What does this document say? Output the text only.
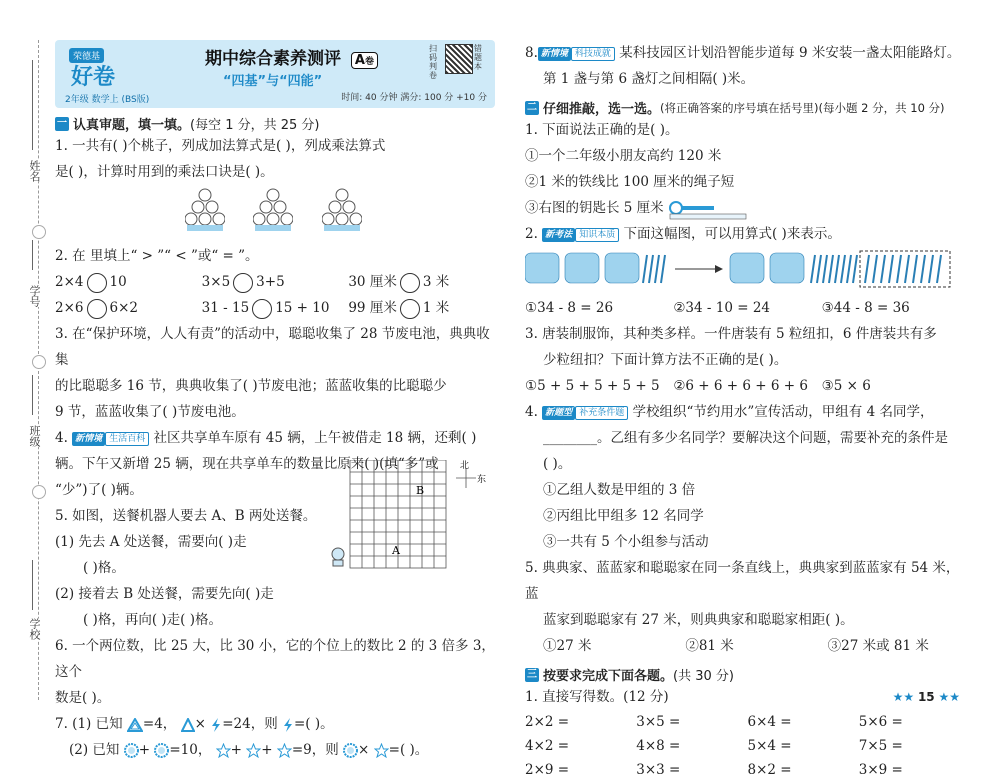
姓名
学号
班级
学校
荣德基
好卷
2年级 数学上 (BS版)
期中综合素养测评 A卷
“四基”与“四能”
扫码判卷
错题本
时间: 40 分钟 满分: 100 分 +10 分
一 认真审题，填一填。 (每空 1 分，共 25 分)

1. 一共有( )个桃子，列成加法算式是( )，列成乘法算式

是( )，计算时用到的乘法口诀是( )。

2. 在 里填上“ > ”“ < ”或“ = ”。

2×4 10	3×5 3+5	30 厘米 3 米
2×6 6×2	31 - 15 15 + 10	99 厘米 1 米

3. 在“保护环境，人人有责”的活动中，聪聪收集了 28 节废电池，典典收集

的比聪聪多 16 节，典典收集了( )节废电池；蓝蓝收集的比聪聪少

9 节，蓝蓝收集了( )节废电池。

4. 新情境 生活百科 社区共享单车原有 45 辆，上午被借走 18 辆，还剩( )

辆。下午又新增 25 辆，现在共享单车的数量比原来( )(填“多”或

“少”)了( )辆。

5. 如图，送餐机器人要去 A、B 两处送餐。

(1) 先去 A 处送餐，需要向( )走

( )格。

(2) 接着去 B 处送餐，需要先向( )走

( )格，再向( )走( )格。

6. 一个两位数，比 25 大，比 30 小，它的个位上的数比 2 的 3 倍多 3，这个

数是( )。

7. (1) 已知 =4， × =24，则 =( )。

(2) 已知 + =10， + + =9，则 × =( )。

B
A
北
东

8. 新情境 科技成就 某科技园区计划沿智能步道每 9 米安装一盏太阳能路灯。

第 1 盏与第 6 盏灯之间相隔( )米。

二 仔细推敲，选一选。 (将正确答案的序号填在括号里)(每小题 2 分，共 10 分)

1. 下面说法正确的是( )。

①一个二年级小朋友高约 120 米

②1 米的铁线比 100 厘米的绳子短

③右图的钥匙长 5 厘米

2. 新考法 知识本质 下面这幅图，可以用算式( )来表示。

①34 - 8 = 26	②34 - 10 = 24	③44 - 8 = 36

3. 唐装制服饰，其种类多样。一件唐装有 5 粒纽扣，6 件唐装共有多

少粒纽扣？下面计算方法不正确的是( )。

①5 + 5 + 5 + 5 + 5	②6 + 6 + 6 + 6 + 6	③5 × 6

4. 新题型 补充条件题 学校组织“节约用水”宣传活动，甲组有 4 名同学，

________。乙组有多少名同学？要解决这个问题，需要补充的条件是

( )。

①乙组人数是甲组的 3 倍

②丙组比甲组多 12 名同学

③一共有 5 个小组参与活动

5. 典典家、蓝蓝家和聪聪家在同一条直线上，典典家到蓝蓝家有 54 米，蓝

蓝家到聪聪家有 27 米，则典典家和聪聪家相距( )。

①27 米	②81 米	③27 米或 81 米
三 按要求完成下面各题。 (共 30 分)

1. 直接写得数。(12 分)

2×2 =	3×5 =	6×4 =	5×6 =
4×2 =	4×8 =	5×4 =	7×5 =
2×9 =	3×3 =	8×2 =	3×9 =
★★ 15 ★★
